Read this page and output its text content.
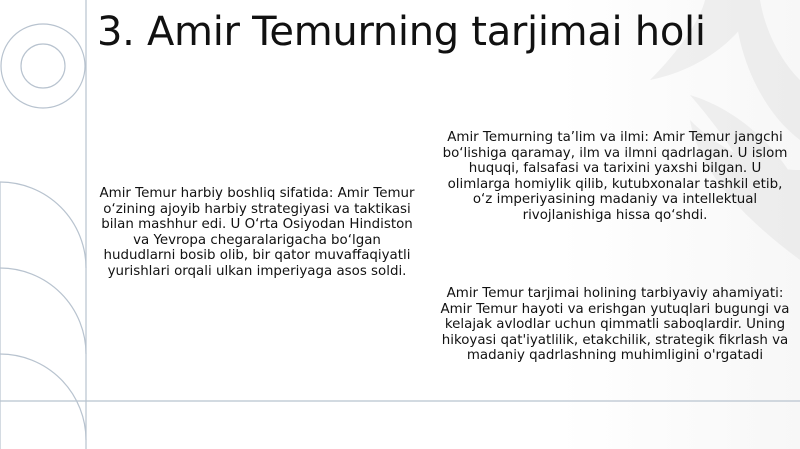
3. Amir Temurning tarjimai holi

Amir Temur harbiy boshliq sifatida: Amir Temur o‘zining ajoyib harbiy strategiyasi va taktikasi bilan mashhur edi. U O‘rta Osiyodan Hindiston va Yevropa chegaralarigacha bo‘lgan hududlarni bosib olib, bir qator muvaffaqiyatli yurishlari orqali ulkan imperiyaga asos soldi.

Amir Temurning ta’lim va ilmi: Amir Temur jangchi bo‘lishiga qaramay, ilm va ilmni qadrlagan. U islom huquqi, falsafasi va tarixini yaxshi bilgan. U olimlarga homiylik qilib, kutubxonalar tashkil etib, o‘z imperiyasining madaniy va intellektual rivojlanishiga hissa qo‘shdi.

Amir Temur tarjimai holining tarbiyaviy ahamiyati: Amir Temur hayoti va erishgan yutuqlari bugungi va kelajak avlodlar uchun qimmatli saboqlardir. Uning hikoyasi qat'iyatlilik, etakchilik, strategik fikrlash va madaniy qadrlashning muhimligini o'rgatadi
